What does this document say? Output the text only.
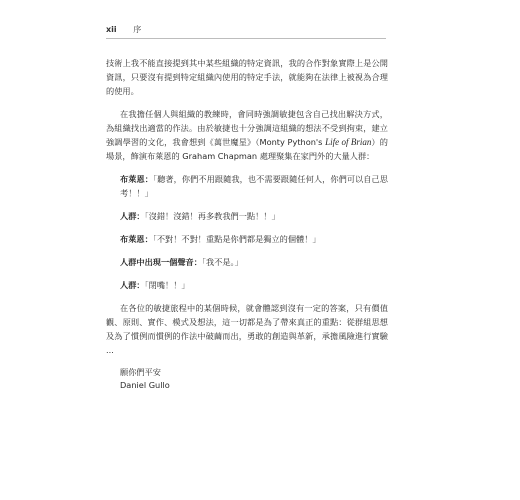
xii 序

技術上我不能直接提到其中某些組織的特定資訊，我的合作對象實際上是公開資訊，只要沒有提到特定組織內使用的特定手法，就能夠在法律上被視為合理的使用。

在我擔任個人與組織的教練時，會同時強調敏捷包含自己找出解決方式，為組織找出適當的作法。由於敏捷也十分強調這組織的想法不受到拘束，建立強調學習的文化，我會想到《萬世魔星》（Monty Python's Life of Brian）的場景，飾演布萊恩的 Graham Chapman 處理聚集在家門外的大量人群：

布萊恩：「聽著，你們不用跟隨我，也不需要跟隨任何人，你們可以自己思考！！」

人群：「沒錯！沒錯！再多教我們一點！！」

布萊恩：「不對！不對！重點是你們都是獨立的個體！」

人群中出現一個聲音：「我不是。」

人群：「閉嘴！！」

在各位的敏捷旅程中的某個時候，就會體認到沒有一定的答案，只有價值觀、原則、實作、模式及想法，這一切都是為了帶來真正的重點：從群組思想及為了慣例而慣例的作法中破繭而出，勇敢的創造與革新，承擔風險進行實驗 ...

願你們平安
Daniel Gullo
